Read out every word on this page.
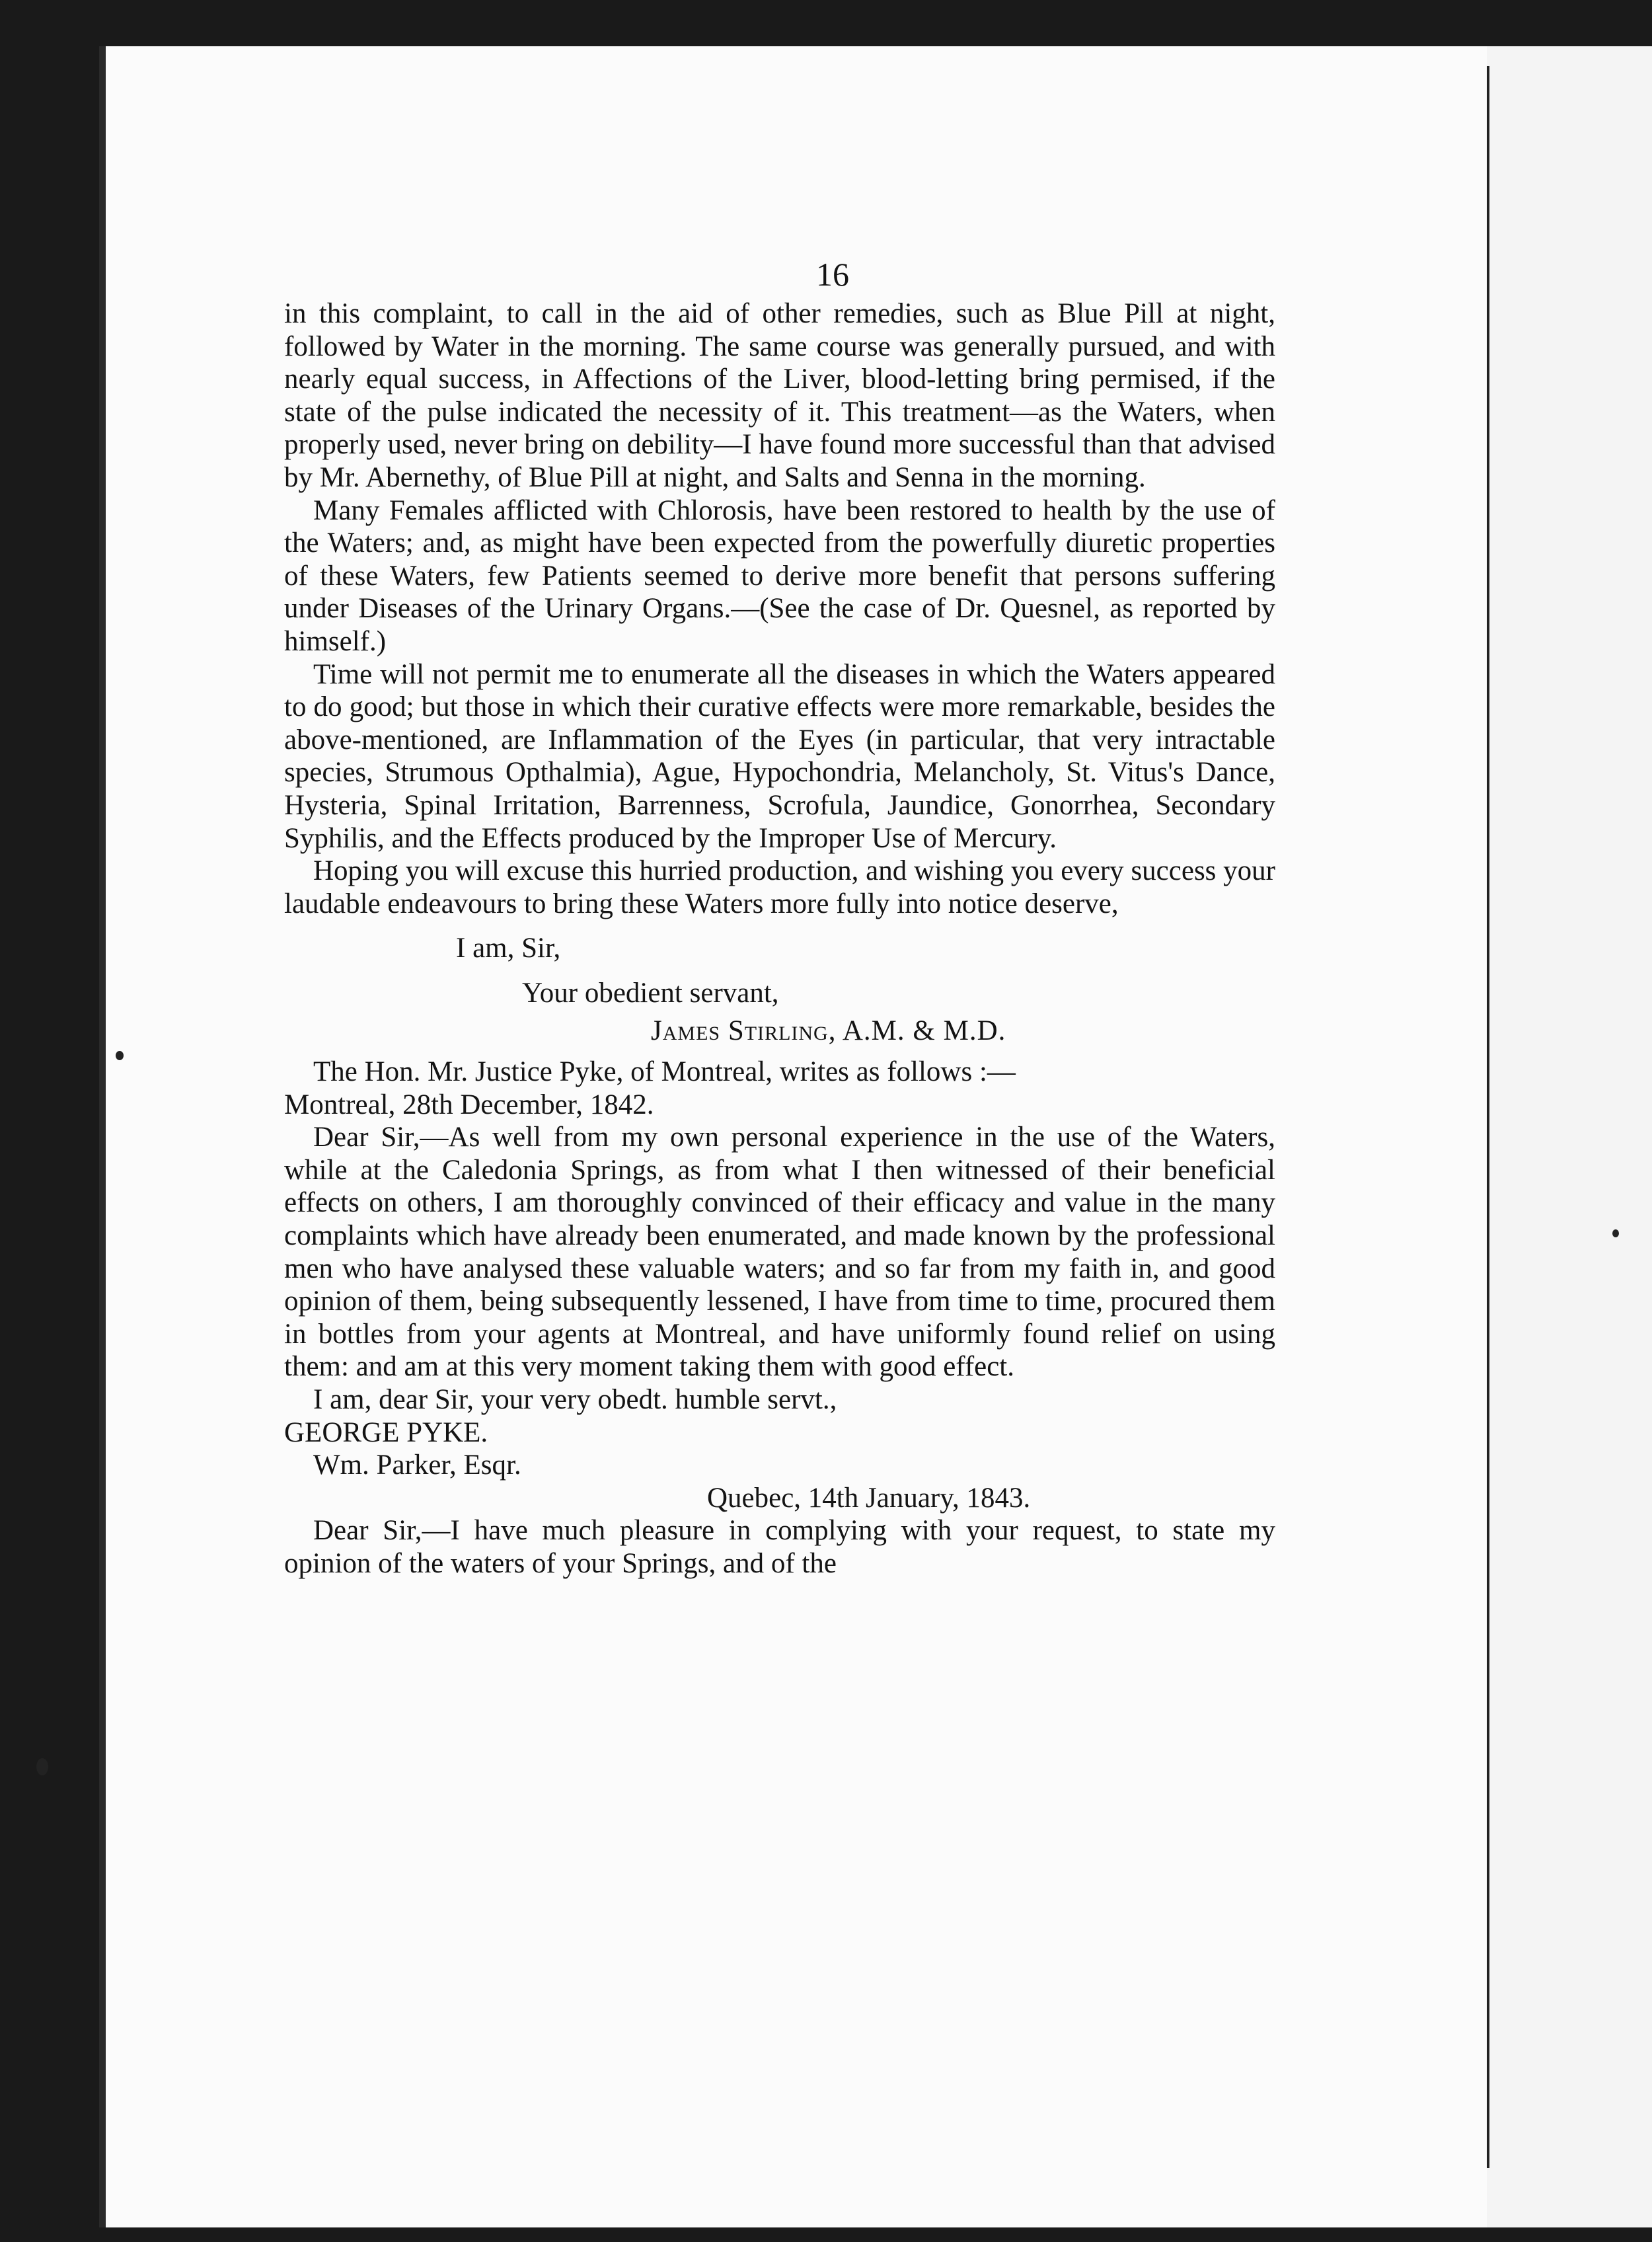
16

in this complaint, to call in the aid of other remedies, such as Blue Pill at night, followed by Water in the morning. The same course was generally pursued, and with nearly equal success, in Affections of the Liver, blood-letting bring permised, if the state of the pulse indicated the necessity of it. This treatment—as the Waters, when properly used, never bring on debility—I have found more successful than that advised by Mr. Abernethy, of Blue Pill at night, and Salts and Senna in the morning.

Many Females afflicted with Chlorosis, have been restored to health by the use of the Waters; and, as might have been expected from the powerfully diuretic properties of these Waters, few Patients seemed to derive more benefit that persons suffering under Diseases of the Urinary Organs.—(See the case of Dr. Quesnel, as reported by himself.)

Time will not permit me to enumerate all the diseases in which the Waters appeared to do good; but those in which their curative effects were more remarkable, besides the above-mentioned, are Inflammation of the Eyes (in particular, that very intractable species, Strumous Opthalmia), Ague, Hypochondria, Melancholy, St. Vitus's Dance, Hysteria, Spinal Irritation, Barrenness, Scrofula, Jaundice, Gonorrhea, Secondary Syphilis, and the Effects produced by the Improper Use of Mercury.

Hoping you will excuse this hurried production, and wishing you every success your laudable endeavours to bring these Waters more fully into notice deserve,

I am, Sir,

Your obedient servant,

James Stirling, A.M. & M.D.

The Hon. Mr. Justice Pyke, of Montreal, writes as follows :—

Montreal, 28th December, 1842.

Dear Sir,—As well from my own personal experience in the use of the Waters, while at the Caledonia Springs, as from what I then witnessed of their beneficial effects on others, I am thoroughly convinced of their efficacy and value in the many complaints which have already been enumerated, and made known by the professional men who have analysed these valuable waters; and so far from my faith in, and good opinion of them, being subsequently lessened, I have from time to time, procured them in bottles from your agents at Montreal, and have uniformly found relief on using them: and am at this very moment taking them with good effect.

I am, dear Sir, your very obedt. humble servt.,

GEORGE PYKE.

Wm. Parker, Esqr.

Quebec, 14th January, 1843.

Dear Sir,—I have much pleasure in complying with your request, to state my opinion of the waters of your Springs, and of the
